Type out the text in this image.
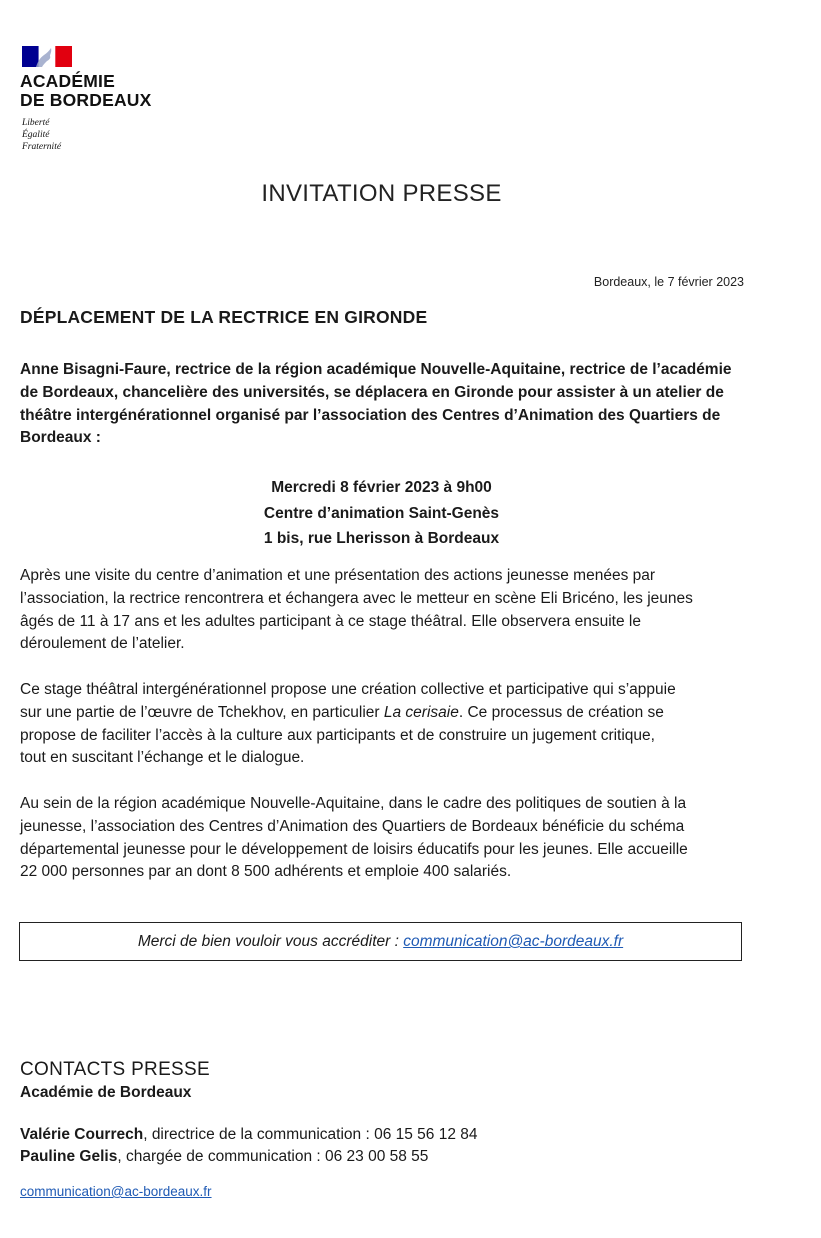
ACADÉMIE
DE BORDEAUX
Liberté
Égalité
Fraternité
INVITATION PRESSE
Bordeaux, le 7 février 2023
DÉPLACEMENT DE LA RECTRICE EN GIRONDE
Anne Bisagni-Faure, rectrice de la région académique Nouvelle-Aquitaine, rectrice de l’académie
de Bordeaux, chancelière des universités, se déplacera en Gironde pour assister à un atelier de
théâtre intergénérationnel organisé par l’association des Centres d’Animation des Quartiers de
Bordeaux :
Mercredi 8 février 2023 à 9h00
Centre d’animation Saint-Genès
1 bis, rue Lherisson à Bordeaux
Après une visite du centre d’animation et une présentation des actions jeunesse menées par
l’association, la rectrice rencontrera et échangera avec le metteur en scène Eli Bricéno, les jeunes
âgés de 11 à 17 ans et les adultes participant à ce stage théâtral. Elle observera ensuite le
déroulement de l’atelier.
Ce stage théâtral intergénérationnel propose une création collective et participative qui s’appuie
sur une partie de l’œuvre de Tchekhov, en particulier La cerisaie. Ce processus de création se
propose de faciliter l’accès à la culture aux participants et de construire un jugement critique,
tout en suscitant l’échange et le dialogue.
Au sein de la région académique Nouvelle-Aquitaine, dans le cadre des politiques de soutien à la
jeunesse, l’association des Centres d’Animation des Quartiers de Bordeaux bénéficie du schéma
départemental jeunesse pour le développement de loisirs éducatifs pour les jeunes. Elle accueille
22 000 personnes par an dont 8 500 adhérents et emploie 400 salariés.
Merci de bien vouloir vous accréditer : communication@ac-bordeaux.fr
CONTACTS PRESSE
Académie de Bordeaux
Valérie Courrech, directrice de la communication : 06 15 56 12 84
Pauline Gelis, chargée de communication : 06 23 00 58 55
communication@ac-bordeaux.fr
